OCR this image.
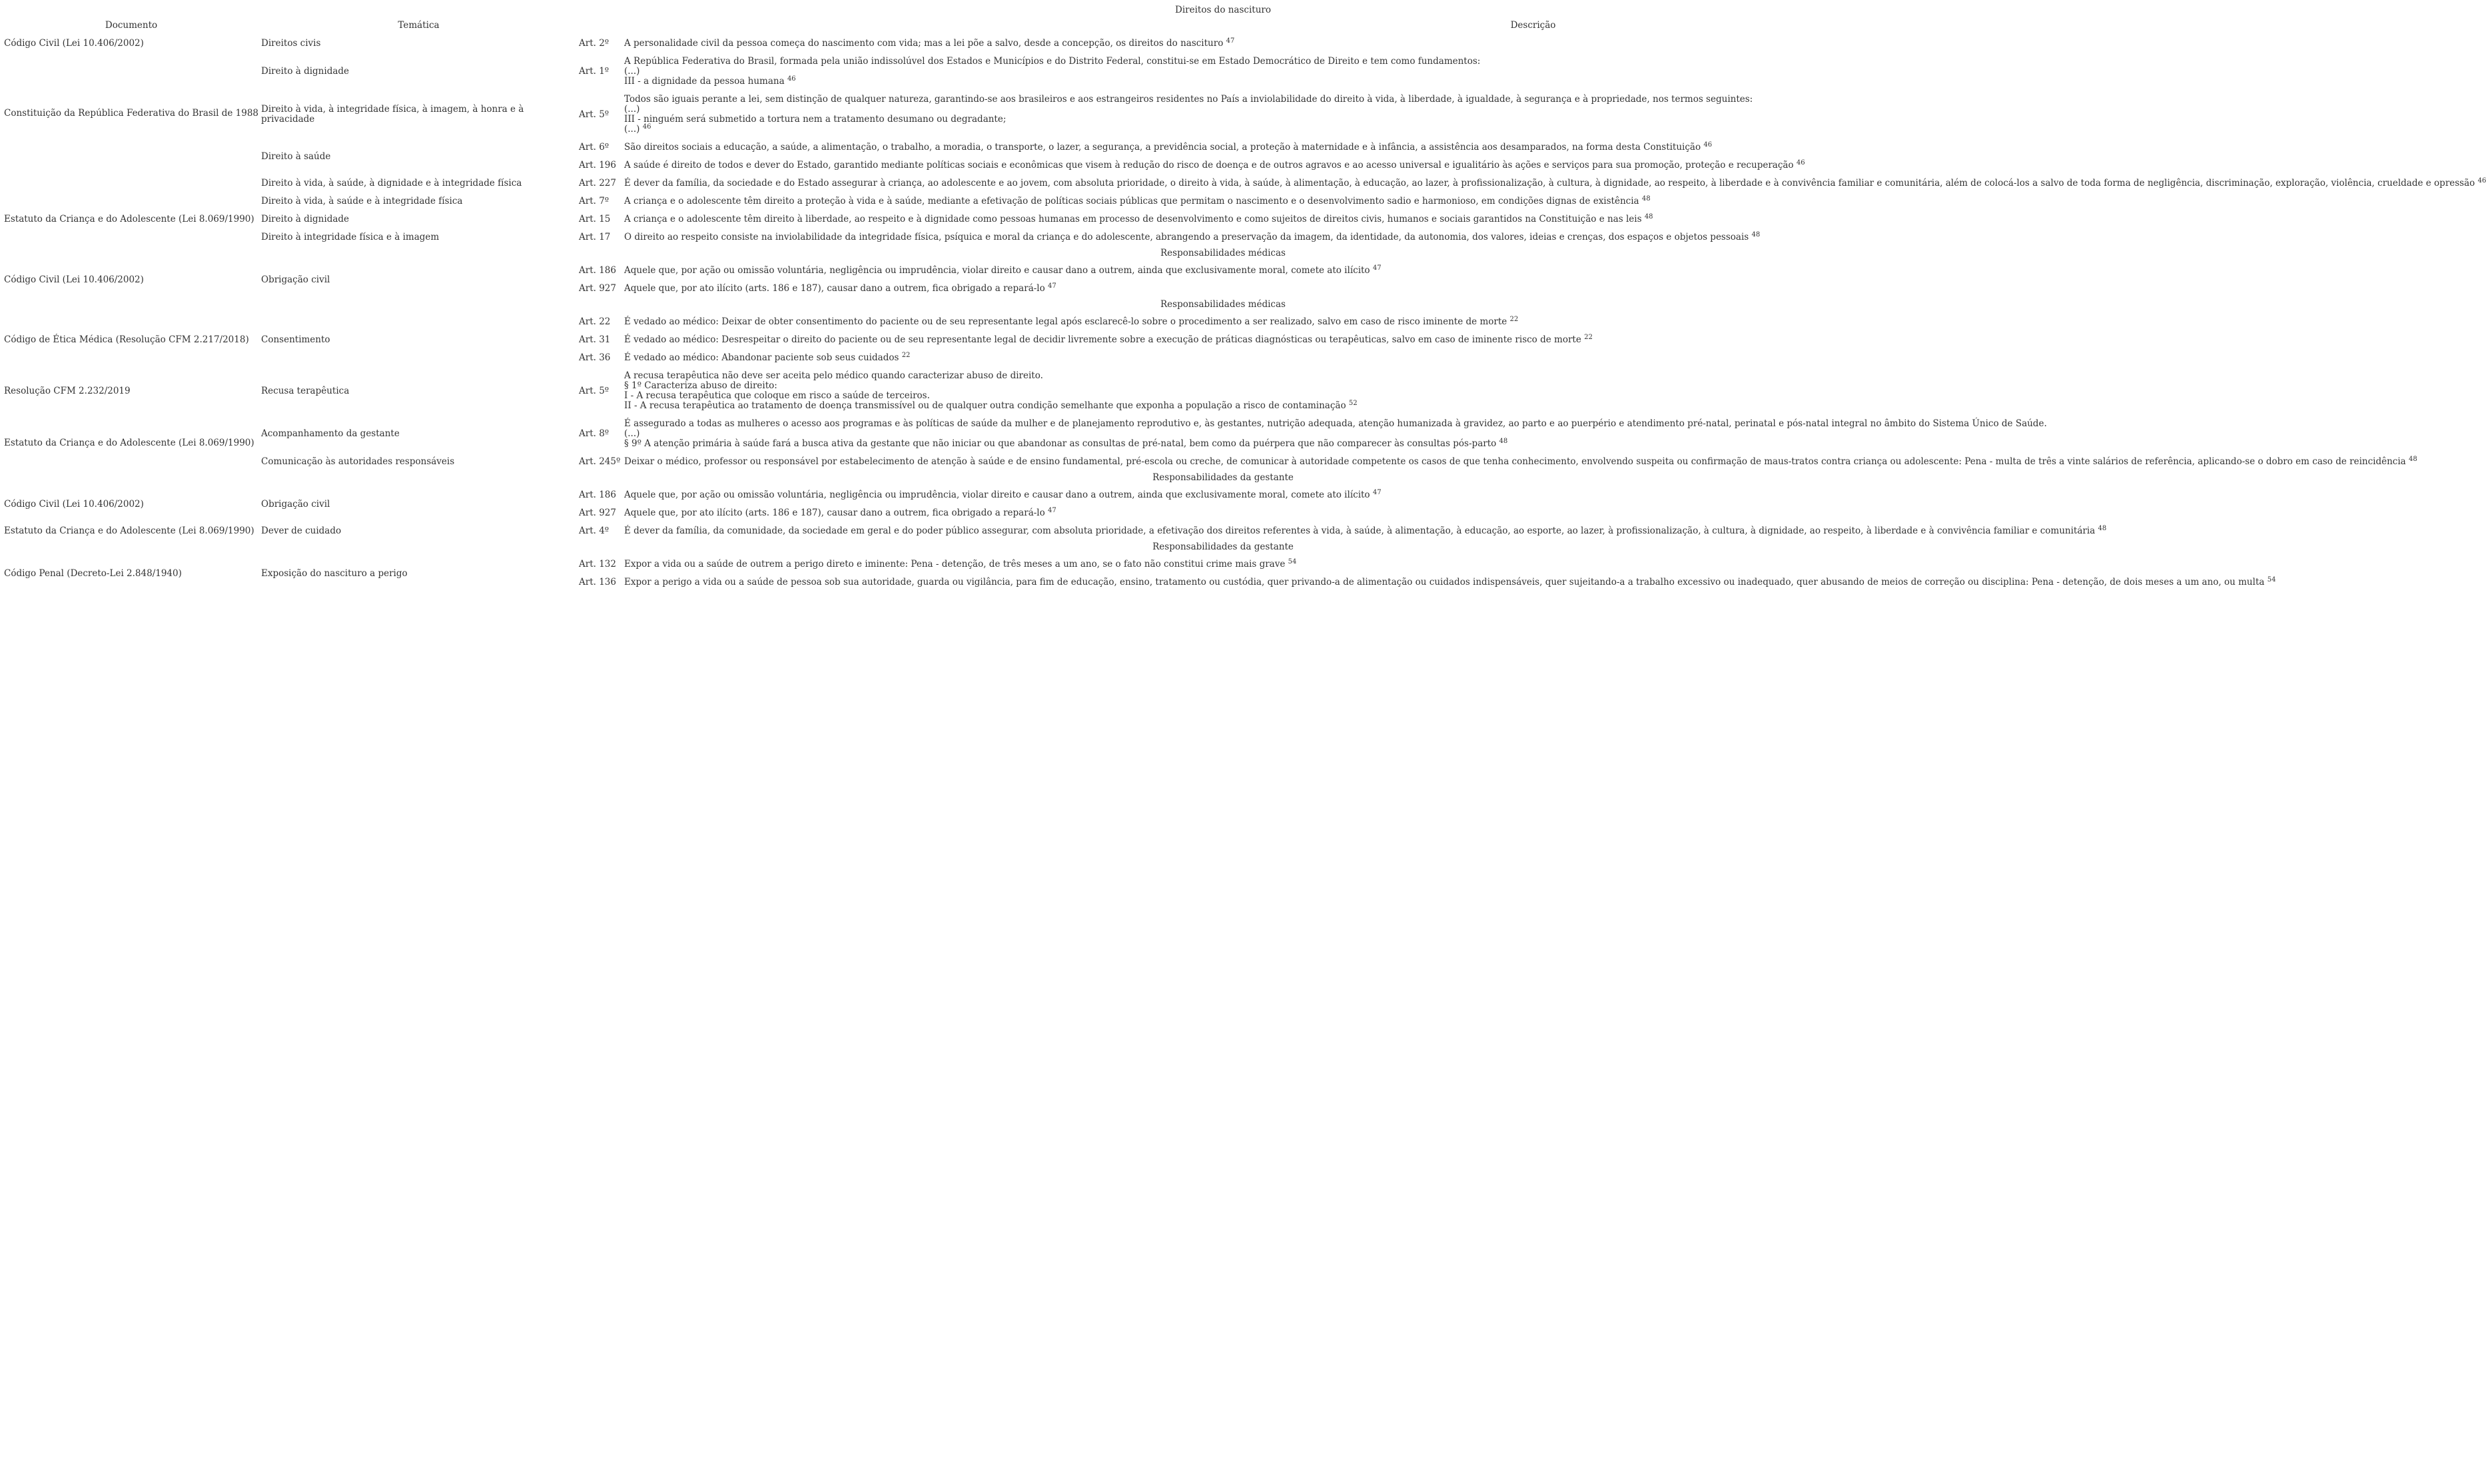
Direitos do nascituro			
Documento	Temática		Descrição
Código Civil (Lei 10.406/2002)	Direitos civis	Art. 2º	A personalidade civil da pessoa começa do nascimento com vida; mas a lei põe a salvo, desde a concepção, os direitos do nascituro $^{47}$

Constituição da República Federativa do Brasil de 1988	Direito à dignidade	Art. 1º	A República Federativa do Brasil, formada pela união indissolúvel dos Estados e Municípios e do Distrito Federal, constitui-se em Estado Democrático de Direito e tem como fundamentos:
(...)
III - a dignidade da pessoa humana $^{46}$

	Direito à vida, à integridade física, à imagem, à honra e à privacidade	Art. 5º	Todos são iguais perante a lei, sem distinção de qualquer natureza, garantindo-se aos brasileiros e aos estrangeiros residentes no País a inviolabilidade do direito à vida, à liberdade, à igualdade, à segurança e à propriedade, nos termos seguintes:
(...)
III - ninguém será submetido a tortura nem a tratamento desumano ou degradante;
(...) $^{46}$

	Direito à saúde	Art. 6º	São direitos sociais a educação, a saúde, a alimentação, o trabalho, a moradia, o transporte, o lazer, a segurança, a previdência social, a proteção à maternidade e à infância, a assistência aos desamparados, na forma desta Constituição $^{46}$

		Art. 196	A saúde é direito de todos e dever do Estado, garantido mediante políticas sociais e econômicas que visem à redução do risco de doença e de outros agravos e ao acesso universal e igualitário às ações e serviços para sua promoção, proteção e recuperação $^{46}$

	Direito à vida, à saúde, à dignidade e à integridade física	Art. 227	É dever da família, da sociedade e do Estado assegurar à criança, ao adolescente e ao jovem, com absoluta prioridade, o direito à vida, à saúde, à alimentação, à educação, ao lazer, à profissionalização, à cultura, à dignidade, ao respeito, à liberdade e à convivência familiar e comunitária, além de colocá-los a salvo de toda forma de negligência, discriminação, exploração, violência, crueldade e opressão $^{46}$

Estatuto da Criança e do Adolescente (Lei 8.069/1990)	Direito à vida, à saúde e à integridade física	Art. 7º	A criança e o adolescente têm direito a proteção à vida e à saúde, mediante a efetivação de políticas sociais públicas que permitam o nascimento e o desenvolvimento sadio e harmonioso, em condições dignas de existência $^{48}$

	Direito à dignidade	Art. 15	A criança e o adolescente têm direito à liberdade, ao respeito e à dignidade como pessoas humanas em processo de desenvolvimento e como sujeitos de direitos civis, humanos e sociais garantidos na Constituição e nas leis $^{48}$

	Direito à integridade física e à imagem	Art. 17	O direito ao respeito consiste na inviolabilidade da integridade física, psíquica e moral da criança e do adolescente, abrangendo a preservação da imagem, da identidade, da autonomia, dos valores, ideias e crenças, dos espaços e objetos pessoais $^{48}$

Responsabilidades médicas			
Código Civil (Lei 10.406/2002)	Obrigação civil	Art. 186	Aquele que, por ação ou omissão voluntária, negligência ou imprudência, violar direito e causar dano a outrem, ainda que exclusivamente moral, comete ato ilícito $^{47}$

		Art. 927	Aquele que, por ato ilícito (arts. 186 e 187), causar dano a outrem, fica obrigado a repará-lo $^{47}$

Responsabilidades médicas			
Código de Ética Médica (Resolução CFM 2.217/2018)	Consentimento	Art. 22	É vedado ao médico: Deixar de obter consentimento do paciente ou de seu representante legal após esclarecê-lo sobre o procedimento a ser realizado, salvo em caso de risco iminente de morte $^{22}$

		Art. 31	É vedado ao médico: Desrespeitar o direito do paciente ou de seu representante legal de decidir livremente sobre a execução de práticas diagnósticas ou terapêuticas, salvo em caso de iminente risco de morte $^{22}$

		Art. 36	É vedado ao médico: Abandonar paciente sob seus cuidados $^{22}$

Resolução CFM 2.232/2019	Recusa terapêutica	Art. 5º	A recusa terapêutica não deve ser aceita pelo médico quando caracterizar abuso de direito.
§ 1º Caracteriza abuso de direito:
I - A recusa terapêutica que coloque em risco a saúde de terceiros.
II - A recusa terapêutica ao tratamento de doença transmissível ou de qualquer outra condição semelhante que exponha a população a risco de contaminação $^{52}$

Estatuto da Criança e do Adolescente (Lei 8.069/1990)	Acompanhamento da gestante	Art. 8º	É assegurado a todas as mulheres o acesso aos programas e às políticas de saúde da mulher e de planejamento reprodutivo e, às gestantes, nutrição adequada, atenção humanizada à gravidez, ao parto e ao puerpério e atendimento pré-natal, perinatal e pós-natal integral no âmbito do Sistema Único de Saúde.
(...)
§ 9º A atenção primária à saúde fará a busca ativa da gestante que não iniciar ou que abandonar as consultas de pré-natal, bem como da puérpera que não comparecer às consultas pós-parto $^{48}$

	Comunicação às autoridades responsáveis	Art. 245º	Deixar o médico, professor ou responsável por estabelecimento de atenção à saúde e de ensino fundamental, pré-escola ou creche, de comunicar à autoridade competente os casos de que tenha conhecimento, envolvendo suspeita ou confirmação de maus-tratos contra criança ou adolescente: Pena - multa de três a vinte salários de referência, aplicando-se o dobro em caso de reincidência $^{48}$

Responsabilidades da gestante			
Código Civil (Lei 10.406/2002)	Obrigação civil	Art. 186	Aquele que, por ação ou omissão voluntária, negligência ou imprudência, violar direito e causar dano a outrem, ainda que exclusivamente moral, comete ato ilícito $^{47}$

		Art. 927	Aquele que, por ato ilícito (arts. 186 e 187), causar dano a outrem, fica obrigado a repará-lo $^{47}$

Estatuto da Criança e do Adolescente (Lei 8.069/1990)	Dever de cuidado	Art. 4º	É dever da família, da comunidade, da sociedade em geral e do poder público assegurar, com absoluta prioridade, a efetivação dos direitos referentes à vida, à saúde, à alimentação, à educação, ao esporte, ao lazer, à profissionalização, à cultura, à dignidade, ao respeito, à liberdade e à convivência familiar e comunitária $^{48}$

Responsabilidades da gestante			
Código Penal (Decreto-Lei 2.848/1940)	Exposição do nascituro a perigo	Art. 132	Expor a vida ou a saúde de outrem a perigo direto e iminente: Pena - detenção, de três meses a um ano, se o fato não constitui crime mais grave $^{54}$

		Art. 136	Expor a perigo a vida ou a saúde de pessoa sob sua autoridade, guarda ou vigilância, para fim de educação, ensino, tratamento ou custódia, quer privando-a de alimentação ou cuidados indispensáveis, quer sujeitando-a a trabalho excessivo ou inadequado, quer abusando de meios de correção ou disciplina: Pena - detenção, de dois meses a um ano, ou multa $^{54}$
